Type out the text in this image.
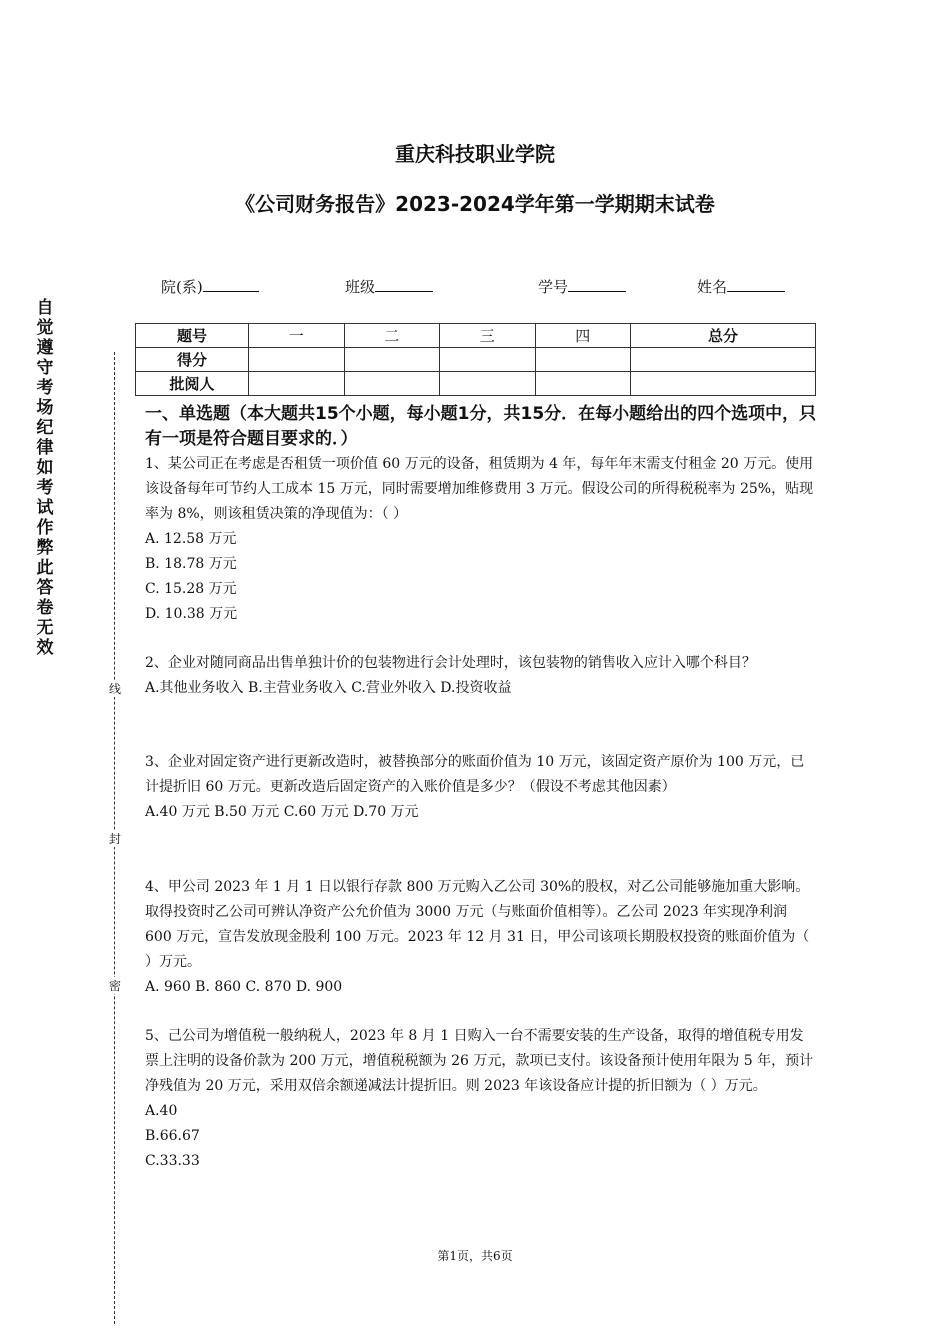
重庆科技职业学院
《公司财务报告》2023-2024学年第一学期期末试卷
院(系)	班级	学号	姓名
题号	一	二	三	四	总分
得分					
批阅人					
一、单选题（本大题共15个小题，每小题1分，共15分．在每小题给出的四个选项中，只有一项是符合题目要求的．）

1、某公司正在考虑是否租赁一项价值 60 万元的设备，租赁期为 4 年，每年年末需支付租金 20 万元。使用该设备每年可节约人工成本 15 万元，同时需要增加维修费用 3 万元。假设公司的所得税税率为 25%，贴现率为 8%，则该租赁决策的净现值为：（ ）

A. 12.58 万元

B. 18.78 万元

C. 15.28 万元

D. 10.38 万元

2、企业对随同商品出售单独计价的包装物进行会计处理时，该包装物的销售收入应计入哪个科目？

A.其他业务收入 B.主营业务收入 C.营业外收入 D.投资收益

3、企业对固定资产进行更新改造时，被替换部分的账面价值为 10 万元，该固定资产原价为 100 万元，已计提折旧 60 万元。更新改造后固定资产的入账价值是多少？（假设不考虑其他因素）

A.40 万元 B.50 万元 C.60 万元 D.70 万元

4、甲公司 2023 年 1 月 1 日以银行存款 800 万元购入乙公司 30%的股权，对乙公司能够施加重大影响。取得投资时乙公司可辨认净资产公允价值为 3000 万元（与账面价值相等）。乙公司 2023 年实现净利润 600 万元，宣告发放现金股利 100 万元。2023 年 12 月 31 日，甲公司该项长期股权投资的账面价值为（ ）万元。

A. 960 B. 860 C. 870 D. 900

5、己公司为增值税一般纳税人，2023 年 8 月 1 日购入一台不需要安装的生产设备，取得的增值税专用发票上注明的设备价款为 200 万元，增值税税额为 26 万元，款项已支付。该设备预计使用年限为 5 年，预计净残值为 20 万元，采用双倍余额递减法计提折旧。则 2023 年该设备应计提的折旧额为（ ）万元。

A.40

B.66.67

C.33.33

自觉遵守考场纪律如考试作弊此答卷无效
线
封
密
第1页，共6页
